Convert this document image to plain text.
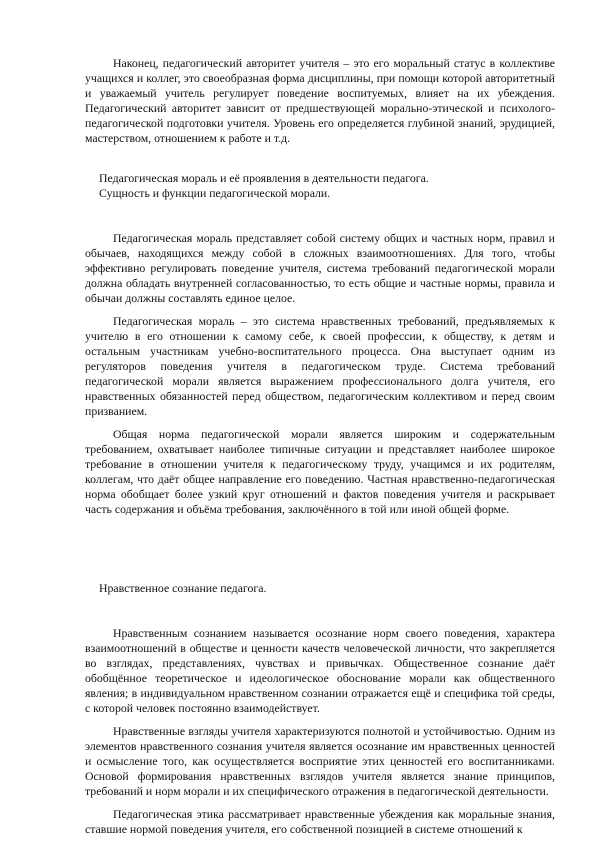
Наконец, педагогический авторитет учителя – это его моральный статус в коллективе учащихся и коллег, это своеобразная форма дисциплины, при помощи которой авторитетный и уважаемый учитель регулирует поведение воспитуемых, влияет на их убеждения. Педагогический авторитет зависит от предшествующей морально-этической и психолого-педагогической подготовки учителя. Уровень его определяется глубиной знаний, эрудицией, мастерством, отношением к работе и т.д.

Педагогическая мораль и её проявления в деятельности педагога.
Сущность и функции педагогической морали.

Педагогическая мораль представляет собой систему общих и частных норм, правил и обычаев, находящихся между собой в сложных взаимоотношениях. Для того, чтобы эффективно регулировать поведение учителя, система требований педагогической морали должна обладать внутренней согласованностью, то есть общие и частные нормы, правила и обычаи должны составлять единое целое.

Педагогическая мораль – это система нравственных требований, предъявляемых к учителю в его отношении к самому себе, к своей профессии, к обществу, к детям и остальным участникам учебно-воспитательного процесса. Она выступает одним из регуляторов поведения учителя в педагогическом труде. Система требований педагогической морали является выражением профессионального долга учителя, его нравственных обязанностей перед обществом, педагогическим коллективом и перед своим призванием.

Общая норма педагогической морали является широким и содержательным требованием, охватывает наиболее типичные ситуации и представляет наиболее широкое требование в отношении учителя к педагогическому труду, учащимся и их родителям, коллегам, что даёт общее направление его поведению. Частная нравственно-педагогическая норма обобщает более узкий круг отношений и фактов поведения учителя и раскрывает часть содержания и объёма требования, заключённого в той или иной общей форме.

Нравственное сознание педагога.

Нравственным сознанием называется осознание норм своего поведения, характера взаимоотношений в обществе и ценности качеств человеческой личности, что закрепляется во взглядах, представлениях, чувствах и привычках. Общественное сознание даёт обобщённое теоретическое и идеологическое обоснование морали как общественного явления; в индивидуальном нравственном сознании отражается ещё и специфика той среды, с которой человек постоянно взаимодействует.

Нравственные взгляды учителя характеризуются полнотой и устойчивостью. Одним из элементов нравственного сознания учителя является осознание им нравственных ценностей и осмысление того, как осуществляется восприятие этих ценностей его воспитанниками. Основой формирования нравственных взглядов учителя является знание принципов, требований и норм морали и их специфического отражения в педагогической деятельности.

Педагогическая этика рассматривает нравственные убеждения как моральные знания, ставшие нормой поведения учителя, его собственной позицией в системе отношений к
